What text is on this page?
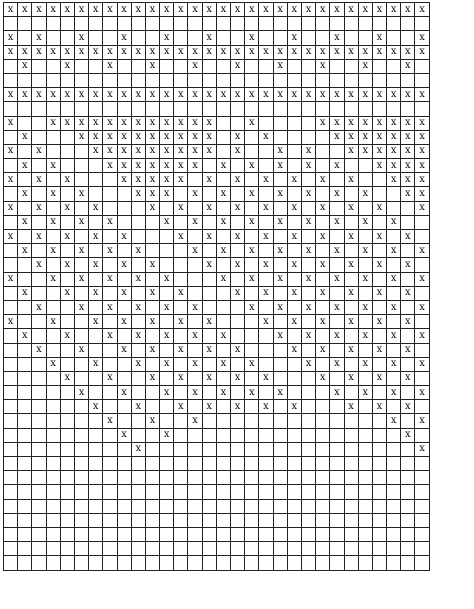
x	x	x	x	x	x	x	x	x	x	x	x	x	x	x	x	x	x	x	x	x	x	x	x	x	x	x	x	x	x

x		x			x			x			x			x			x			x			x			x			x
x	x	x	x	x	x	x	x	x	x	x	x	x	x	x	x	x	x	x	x	x	x	x	x	x	x	x	x	x	x
	x			x			x			x			x			x			x			x			x			x	

x	x	x	x	x	x	x	x	x	x	x	x	x	x	x	x	x	x	x	x	x	x	x	x	x	x	x	x	x	x

x			x	x	x	x	x	x	x	x	x	x	x	x			x					x	x	x	x	x	x	x	x
	x				x	x	x	x	x	x	x	x	x	x		x		x					x	x	x	x	x	x	x
x		x				x	x	x	x	x	x	x	x	x		x			x		x			x	x	x	x	x	x
	x		x				x	x	x	x	x	x	x		x		x		x		x		x			x	x	x	x
x		x		x				x	x	x	x	x		x		x		x		x		x		x			x	x	x
	x		x		x				x	x	x		x		x		x		x		x		x		x			x	x
x		x		x		x				x		x		x		x		x		x		x		x		x			x
	x		x		x		x				x		x		x		x		x		x		x		x		x		
x		x		x		x		x				x		x		x		x		x		x		x		x		x	
	x		x		x		x		x				x		x		x		x		x		x		x		x		x
		x		x		x		x		x				x		x		x		x		x		x		x		x	
x			x		x		x		x		x				x		x		x		x		x		x		x		x
	x			x		x		x		x		x				x		x		x		x		x		x		x	
		x			x		x		x		x		x				x		x		x		x		x		x		x
x			x			x		x		x		x		x				x		x		x		x		x		x	
	x			x			x		x		x		x		x				x		x		x		x		x		x
		x			x			x		x		x		x		x				x		x		x		x		x	
			x			x			x		x		x		x		x				x		x		x		x		x
				x			x			x		x		x		x		x				x		x		x		x	
					x			x			x		x		x		x		x				x		x		x		x
						x			x			x		x		x		x		x				x		x		x	
							x			x			x														x		x
								x			x																	x	
									x																				x
